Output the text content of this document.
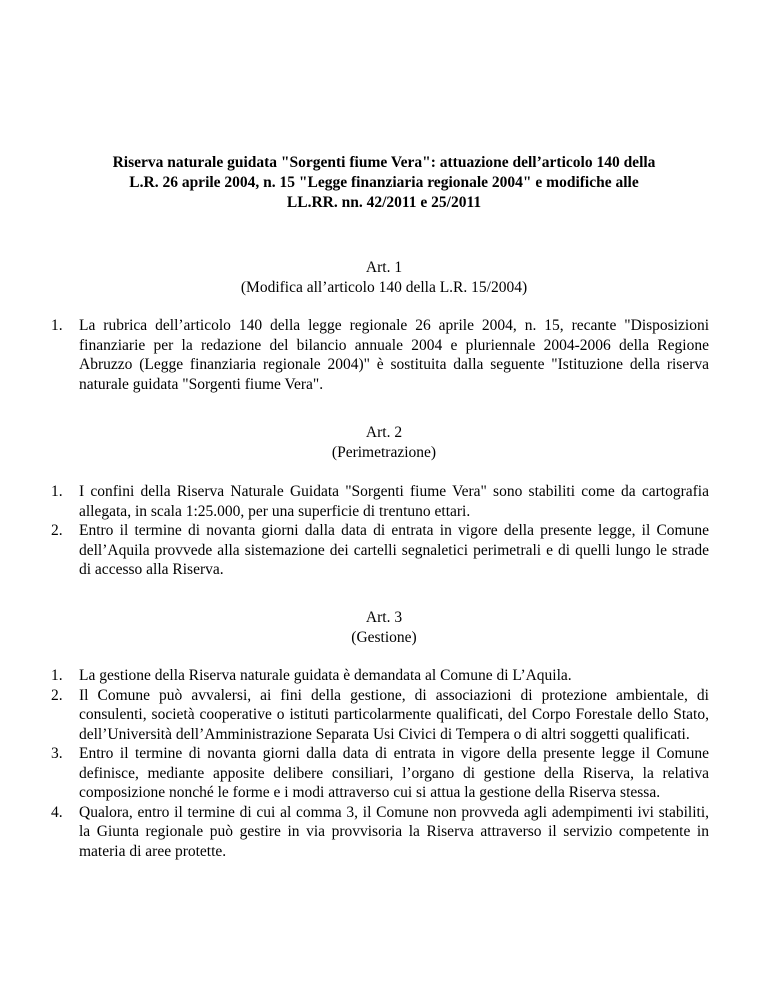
Riserva naturale guidata "Sorgenti fiume Vera": attuazione dell’articolo 140 della
L.R. 26 aprile 2004, n. 15 "Legge finanziaria regionale 2004" e modifiche alle
LL.RR. nn. 42/2011 e 25/2011
Art. 1
(Modifica all’articolo 140 della L.R. 15/2004)
1. La rubrica dell’articolo 140 della legge regionale 26 aprile 2004, n. 15, recante "Disposizioni finanziarie per la redazione del bilancio annuale 2004 e pluriennale 2004-2006 della Regione Abruzzo (Legge finanziaria regionale 2004)" è sostituita dalla seguente "Istituzione della riserva naturale guidata "Sorgenti fiume Vera".
Art. 2
(Perimetrazione)
1. I confini della Riserva Naturale Guidata "Sorgenti fiume Vera" sono stabiliti come da cartografia allegata, in scala 1:25.000, per una superficie di trentuno ettari.
2. Entro il termine di novanta giorni dalla data di entrata in vigore della presente legge, il Comune dell’Aquila provvede alla sistemazione dei cartelli segnaletici perimetrali e di quelli lungo le strade di accesso alla Riserva.
Art. 3
(Gestione)
1. La gestione della Riserva naturale guidata è demandata al Comune di L’Aquila.
2. Il Comune può avvalersi, ai fini della gestione, di associazioni di protezione ambientale, di consulenti, società cooperative o istituti particolarmente qualificati, del Corpo Forestale dello Stato, dell’Università dell’Amministrazione Separata Usi Civici di Tempera o di altri soggetti qualificati.
3. Entro il termine di novanta giorni dalla data di entrata in vigore della presente legge il Comune definisce, mediante apposite delibere consiliari, l’organo di gestione della Riserva, la relativa composizione nonché le forme e i modi attraverso cui si attua la gestione della Riserva stessa.
4. Qualora, entro il termine di cui al comma 3, il Comune non provveda agli adempimenti ivi stabiliti, la Giunta regionale può gestire in via provvisoria la Riserva attraverso il servizio competente in materia di aree protette.
